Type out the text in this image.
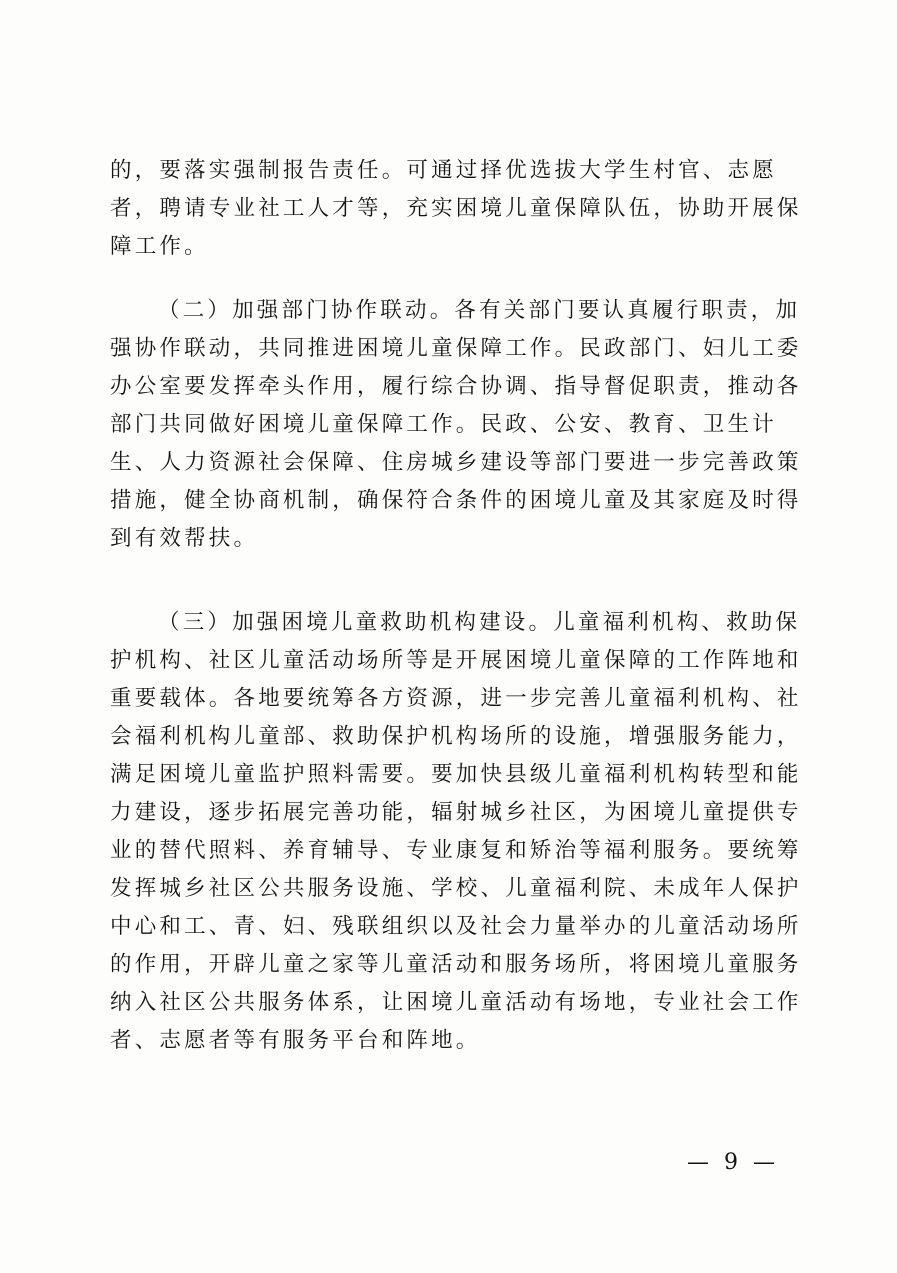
的，要落实强制报告责任。可通过择优选拔大学生村官、志愿
者，聘请专业社工人才等，充实困境儿童保障队伍，协助开展保
障工作。
（二）加强部门协作联动。各有关部门要认真履行职责，加
强协作联动，共同推进困境儿童保障工作。民政部门、妇儿工委
办公室要发挥牵头作用，履行综合协调、指导督促职责，推动各
部门共同做好困境儿童保障工作。民政、公安、教育、卫生计
生、人力资源社会保障、住房城乡建设等部门要进一步完善政策
措施，健全协商机制，确保符合条件的困境儿童及其家庭及时得
到有效帮扶。
（三）加强困境儿童救助机构建设。儿童福利机构、救助保
护机构、社区儿童活动场所等是开展困境儿童保障的工作阵地和
重要载体。各地要统筹各方资源，进一步完善儿童福利机构、社
会福利机构儿童部、救助保护机构场所的设施，增强服务能力，
满足困境儿童监护照料需要。要加快县级儿童福利机构转型和能
力建设，逐步拓展完善功能，辐射城乡社区，为困境儿童提供专
业的替代照料、养育辅导、专业康复和矫治等福利服务。要统筹
发挥城乡社区公共服务设施、学校、儿童福利院、未成年人保护
中心和工、青、妇、残联组织以及社会力量举办的儿童活动场所
的作用，开辟儿童之家等儿童活动和服务场所，将困境儿童服务
纳入社区公共服务体系，让困境儿童活动有场地，专业社会工作
者、志愿者等有服务平台和阵地。
— 9 —
